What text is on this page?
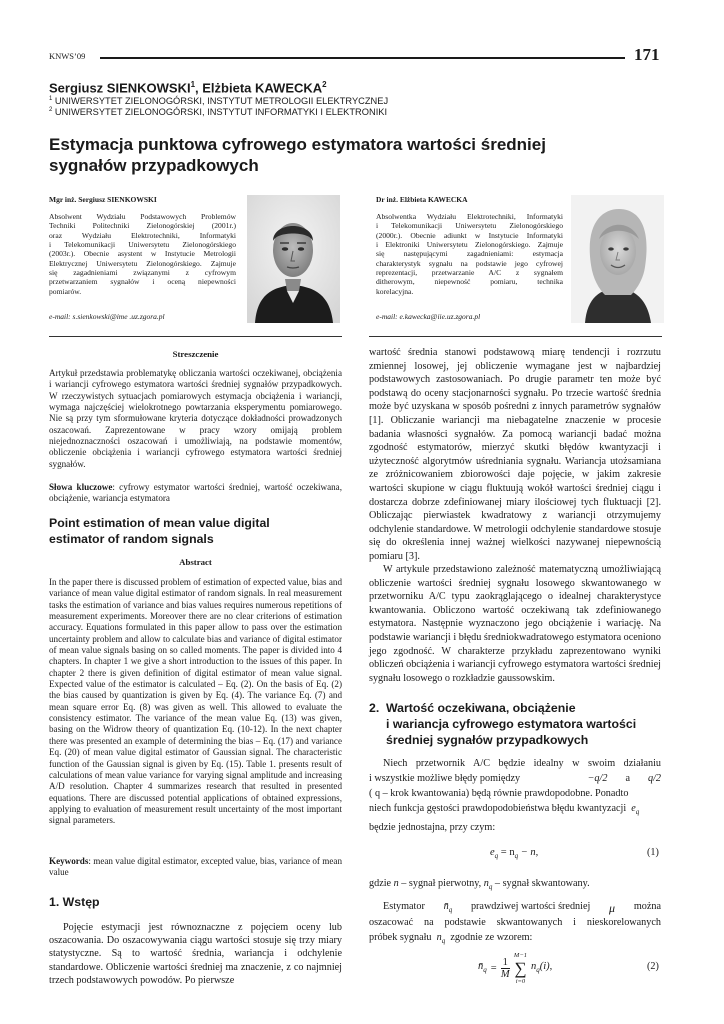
KNWS’09	171
Sergiusz SIENKOWSKI$^1$, Elżbieta KAWECKA$^2$
$^1$ UNIWERSYTET ZIELONOGÓRSKI, INSTYTUT METROLOGII ELEKTRYCZNEJ
$^2$ UNIWERSYTET ZIELONOGÓRSKI, INSTYTUT INFORMATYKI I ELEKTRONIKI
Estymacja punktowa cyfrowego estymatora wartości średniej
sygnałów przypadkowych
Mgr inż. Sergiusz SIENKOWSKI
Absolwent Wydziału Podstawowych Problemów
Techniki Politechniki Zielonogórskiej (2001r.)
oraz Wydziału Elektrotechniki, Informatyki
i Telekomunikacji Uniwersytetu Zielonogórskiego
(2003r.). Obecnie asystent w Instytucie Metrologii
Elektrycznej Uniwersytetu Zielonogórskiego. Zajmuje
się zagadnieniami związanymi z cyfrowym
przetwarzaniem sygnałów i oceną niepewności
pomiarów.
e-mail: s.sienkowski@ime .uz.zgora.pl
Dr inż. Elżbieta KAWECKA
Absolwentka Wydziału Elektrotechniki, Informatyki
i Telekomunikacji Uniwersytetu Zielonogórskiego
(2000r.). Obecnie adiunkt w Instytucie Informatyki
i Elektroniki Uniwersytetu Zielonogórskiego. Zajmuje
się następującymi zagadnieniami: estymacja
charakterystyk sygnału na podstawie jego cyfrowej
reprezentacji, przetwarzanie A/C z sygnałem
ditherowym, niepewność pomiaru, technika
korelacyjna.
e-mail: e.kawecka@iie.uz.zgora.pl
Streszczenie
Artykuł przedstawia problematykę obliczania wartości oczekiwanej, obciążenia i wariancji cyfrowego estymatora wartości średniej sygnałów przypadkowych. W rzeczywistych sytuacjach pomiarowych estymacja obciążenia i wariancji, wymaga najczęściej wielokrotnego powtarzania eksperymentu pomiarowego. Nie są przy tym sformułowane kryteria dotyczące dokładności prowadzonych oszacowań. Zaprezentowane w pracy wzory omijają problem niejednoznaczności oszacowań i umożliwiają, na podstawie momentów, obliczenie obciążenia i wariancji cyfrowego estymatora wartości średniej sygnałów.
Słowa kluczowe: cyfrowy estymator wartości średniej, wartość oczekiwana, obciążenie, wariancja estymatora
Point estimation of mean value digital
estimator of random signals
Abstract
In the paper there is discussed problem of estimation of expected value, bias and variance of mean value digital estimator of random signals. In real measurement tasks the estimation of variance and bias values requires numerous repetitions of measurement experiments. Moreover there are no clear criterions of estimation accuracy. Equations formulated in this paper allow to pass over the estimation uncertainty problem and allow to calculate bias and variance of digital estimator of mean value signals basing on so called moments. The paper is divided into 4 chapters. In chapter 1 we give a short introduction to the issues of this paper. In chapter 2 there is given definition of digital estimator of mean value signal. Expected value of the estimator is calculated – Eq. (2). On the basis of Eq. (2) the bias caused by quantization is given by Eq. (4). The variance Eq. (7) and mean square error Eq. (8) was given as well. This allowed to evaluate the consistency estimator. The variance of the mean value Eq. (13) was given, basing on the Widrow theory of quantization Eq. (10-12). In the next chapter there was presented an example of determining the bias – Eq. (17) and variance Eq. (20) of mean value digital estimator of Gaussian signal. The characteristic function of the Gaussian signal is given by Eq. (15). Table 1. presents result of calculations of mean value variance for varying signal amplitude and increasing A/D resolution. Chapter 4 summarizes research that resulted in presented equations. There are discussed potential applications of obtained expressions, applying to evaluation of measurement result uncertainty of the most important signal parameters.
Keywords: mean value digital estimator, excepted value, bias, variance of mean value
1. Wstęp
Pojęcie estymacji jest równoznaczne z pojęciem oceny lub oszacowania. Do oszacowywania ciągu wartości stosuje się trzy miary statystyczne. Są to wartość średnia, wariancja i odchylenie standardowe. Obliczenie wartości średniej ma znaczenie, z co najmniej trzech podstawowych powodów. Po pierwsze
wartość średnia stanowi podstawową miarę tendencji i rozrzutu zmiennej losowej, jej obliczenie wymagane jest w najbardziej podstawowych zastosowaniach. Po drugie parametr ten może być podstawą do oceny stacjonarności sygnału. Po trzecie wartość średnia może być uzyskana w sposób pośredni z innych parametrów sygnałów [1]. Obliczanie wariancji ma niebagatelne znaczenie w procesie badania własności sygnałów. Za pomocą wariancji badać można zgodność estymatorów, mierzyć skutki błędów kwantyzacji i użyteczność algorytmów uśredniania sygnału. Wariancja utożsamiana ze zróżnicowaniem zbiorowości daje pojęcie, w jakim zakresie wartości skupione w ciągu fluktuują wokół wartości średniej ciągu i dostarcza dobrze zdefiniowanej miary ilościowej tych fluktuacji [2]. Obliczając pierwiastek kwadratowy z wariancji otrzymujemy odchylenie standardowe. W metrologii odchylenie standardowe stosuje się do określenia innej ważnej wielkości nazywanej niepewnością pomiaru [3].
W artykule przedstawiono zależność matematyczną umożliwiającą obliczenie wartości średniej sygnału losowego skwantowanego w przetworniku A/C typu zaokrąglającego o idealnej charakterystyce kwantowania. Obliczono wartość oczekiwaną tak zdefiniowanego estymatora. Następnie wyznaczono jego obciążenie i wariację. Na podstawie wariancji i błędu średniokwadratowego estymatora oceniono jego zgodność. W charakterze przykładu zaprezentowano wyniki obliczeń obciążenia i wariancji cyfrowego estymatora wartości średniej sygnału losowego o rozkładzie gaussowskim.
2. Wartość oczekiwana, obciążenie
i wariancja cyfrowego estymatora wartości
średniej sygnałów przypadkowych
Niech przetwornik A/C będzie idealny w swoim działaniu
i wszystkie możliwe błędy pomiędzy	−q/2 a q/2
( q – krok kwantowania) będą równie prawdopodobne. Ponadto
niech funkcja gęstości prawdopodobieństwa błędu kwantyzacji $e_q$
będzie jednostajna, przy czym:
$e_q = n_q - n$,	(1)
gdzie n – sygnał pierwotny, $n_q$ – sygnał skwantowany.
Estymator $n̄̄_q$ prawdziwej wartości średniej μ można
oszacować na podstawie skwantowanych i nieskorelowanych
próbek sygnału $n_q$ zgodnie ze wzorem:
$n̄̄_q = \frac{1}{M}$
M−1
∑
i=0
$n_q(i)$,	(2)
